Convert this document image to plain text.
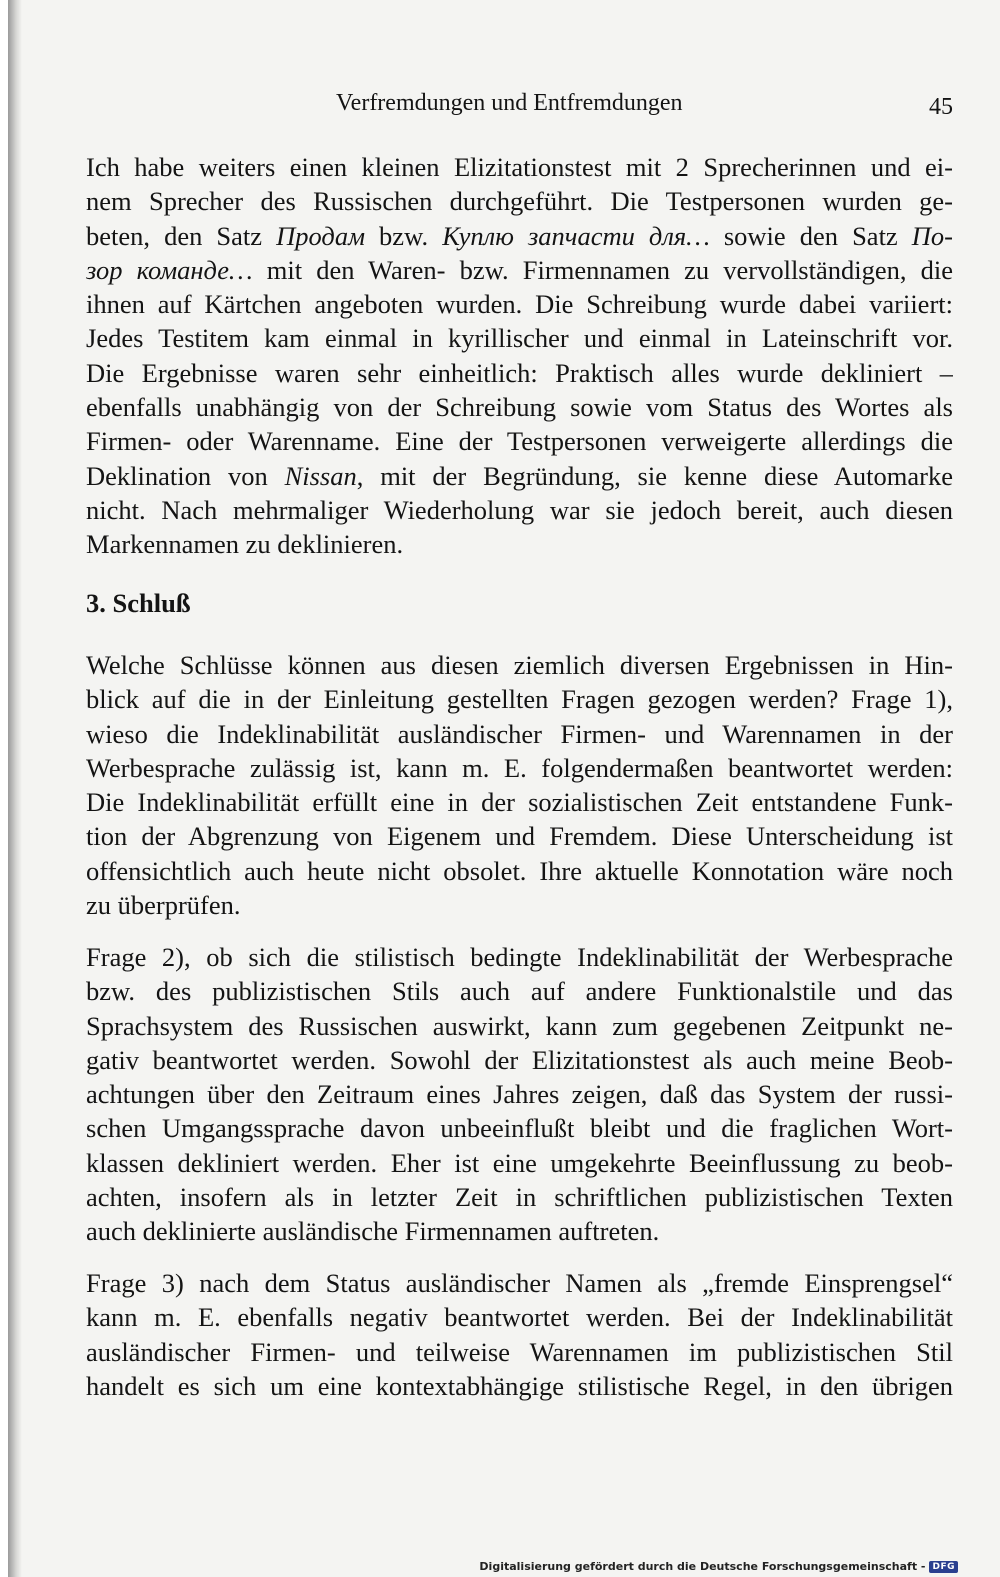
Verfremdungen und Entfremdungen	45

Ich habe weiters einen kleinen Elizitationstest mit 2 Sprecherinnen und ei-
nem Sprecher des Russischen durchgeführt. Die Testpersonen wurden ge-
beten, den Satz Продам bzw. Куплю запчасти для… sowie den Satz По-
зор команде… mit den Waren- bzw. Firmennamen zu vervollständigen, die
ihnen auf Kärtchen angeboten wurden. Die Schreibung wurde dabei variiert:
Jedes Testitem kam einmal in kyrillischer und einmal in Lateinschrift vor.
Die Ergebnisse waren sehr einheitlich: Praktisch alles wurde dekliniert –
ebenfalls unabhängig von der Schreibung sowie vom Status des Wortes als
Firmen- oder Warenname. Eine der Testpersonen verweigerte allerdings die
Deklination von Nissan, mit der Begründung, sie kenne diese Automarke
nicht. Nach mehrmaliger Wiederholung war sie jedoch bereit, auch diesen
Markennamen zu deklinieren.

3. Schluß

Welche Schlüsse können aus diesen ziemlich diversen Ergebnissen in Hin-
blick auf die in der Einleitung gestellten Fragen gezogen werden? Frage 1),
wieso die Indeklinabilität ausländischer Firmen- und Warennamen in der
Werbesprache zulässig ist, kann m. E. folgendermaßen beantwortet werden:
Die Indeklinabilität erfüllt eine in der sozialistischen Zeit entstandene Funk-
tion der Abgrenzung von Eigenem und Fremdem. Diese Unterscheidung ist
offensichtlich auch heute nicht obsolet. Ihre aktuelle Konnotation wäre noch
zu überprüfen.

Frage 2), ob sich die stilistisch bedingte Indeklinabilität der Werbesprache
bzw. des publizistischen Stils auch auf andere Funktionalstile und das
Sprachsystem des Russischen auswirkt, kann zum gegebenen Zeitpunkt ne-
gativ beantwortet werden. Sowohl der Elizitationstest als auch meine Beob-
achtungen über den Zeitraum eines Jahres zeigen, daß das System der russi-
schen Umgangssprache davon unbeeinflußt bleibt und die fraglichen Wort-
klassen dekliniert werden. Eher ist eine umgekehrte Beeinflussung zu beob-
achten, insofern als in letzter Zeit in schriftlichen publizistischen Texten
auch deklinierte ausländische Firmennamen auftreten.

Frage 3) nach dem Status ausländischer Namen als „fremde Einsprengsel“
kann m. E. ebenfalls negativ beantwortet werden. Bei der Indeklinabilität
ausländischer Firmen- und teilweise Warennamen im publizistischen Stil
handelt es sich um eine kontextabhängige stilistische Regel, in den übrigen

Digitalisierung gefördert durch die Deutsche Forschungsgemeinschaft - DFG
